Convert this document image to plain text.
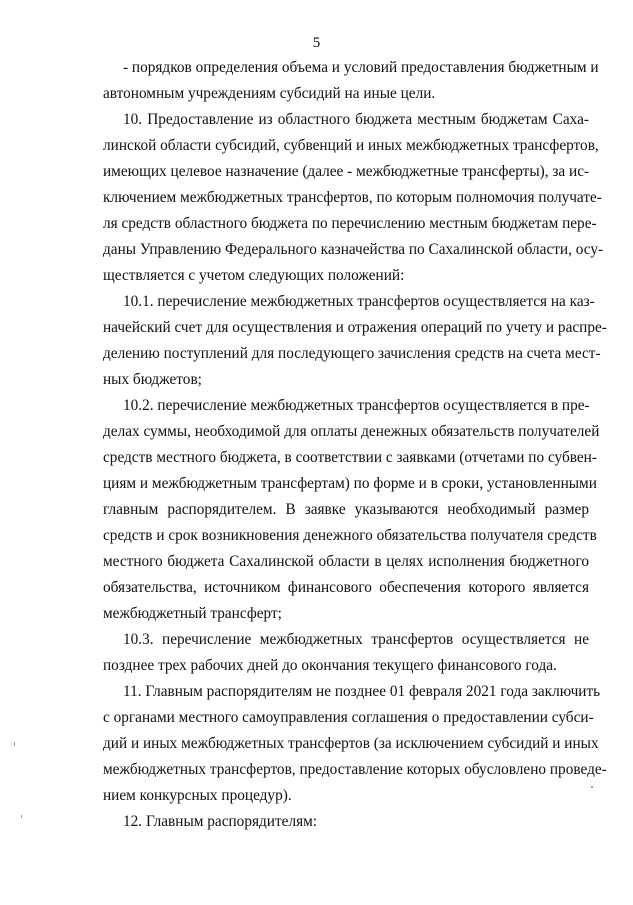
5

- порядков определения объема и условий предоставления бюджетным и
автономным учреждениям субсидий на иные цели.

10. Предоставление из областного бюджета местным бюджетам Саха-
линской области субсидий, субвенций и иных межбюджетных трансфертов,
имеющих целевое назначение (далее - межбюджетные трансферты), за ис-
ключением межбюджетных трансфертов, по которым полномочия получате-
ля средств областного бюджета по перечислению местным бюджетам пере-
даны Управлению Федерального казначейства по Сахалинской области, осу-
ществляется с учетом следующих положений:

10.1. перечисление межбюджетных трансфертов осуществляется на каз-
начейский счет для осуществления и отражения операций по учету и распре-
делению поступлений для последующего зачисления средств на счета мест-
ных бюджетов;

10.2. перечисление межбюджетных трансфертов осуществляется в пре-
делах суммы, необходимой для оплаты денежных обязательств получателей
средств местного бюджета, в соответствии с заявками (отчетами по субвен-
циям и межбюджетным трансфертам) по форме и в сроки, установленными
главным распорядителем. В заявке указываются необходимый размер
средств и срок возникновения денежного обязательства получателя средств
местного бюджета Сахалинской области в целях исполнения бюджетного
обязательства, источником финансового обеспечения которого является
межбюджетный трансферт;

10.3. перечисление межбюджетных трансфертов осуществляется не
позднее трех рабочих дней до окончания текущего финансового года.

11. Главным распорядителям не позднее 01 февраля 2021 года заключить
с органами местного самоуправления соглашения о предоставлении субси-
дий и иных межбюджетных трансфертов (за исключением субсидий и иных
межбюджетных трансфертов, предоставление которых обусловлено проведе-
нием конкурсных процедур).

12. Главным распорядителям:
